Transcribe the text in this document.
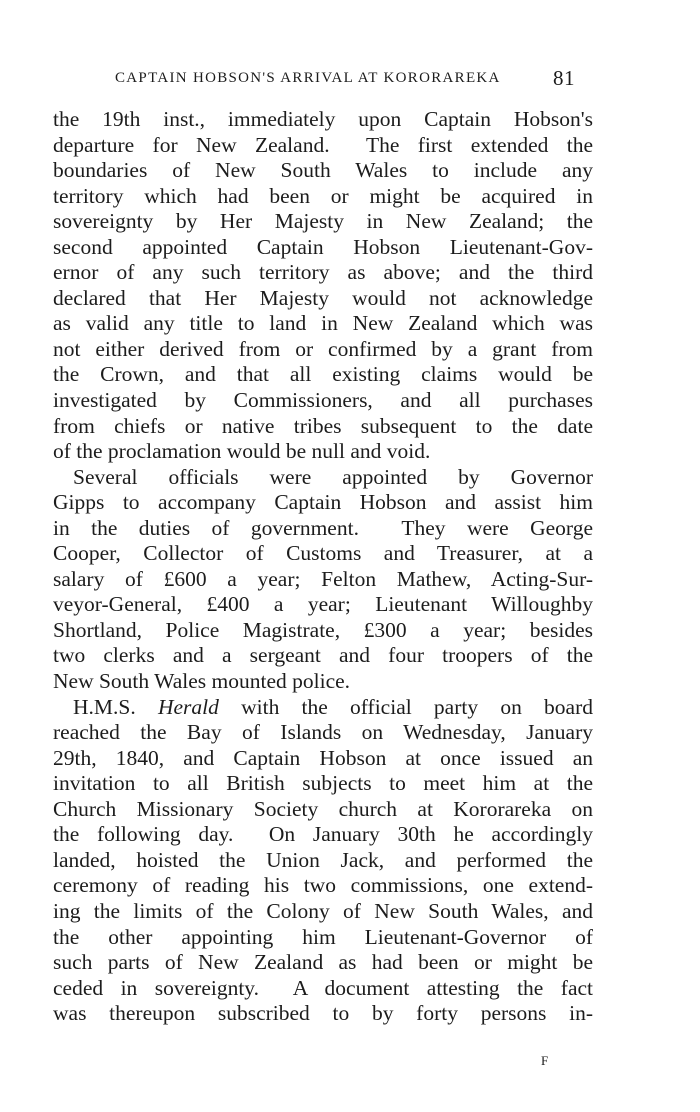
CAPTAIN HOBSON'S ARRIVAL AT KORORAREKA 81
the 19th inst., immediately upon Captain Hobson's
departure for New Zealand.  The first extended the
boundaries of New South Wales to include any
territory which had been or might be acquired in
sovereignty by Her Majesty in New Zealand; the
second appointed Captain Hobson Lieutenant-Gov-
ernor of any such territory as above; and the third
declared that Her Majesty would not acknowledge
as valid any title to land in New Zealand which was
not either derived from or confirmed by a grant from
the Crown, and that all existing claims would be
investigated by Commissioners, and all purchases
from chiefs or native tribes subsequent to the date
of the proclamation would be null and void.
Several officials were appointed by Governor
Gipps to accompany Captain Hobson and assist him
in the duties of government.  They were George
Cooper, Collector of Customs and Treasurer, at a
salary of £600 a year; Felton Mathew, Acting-Sur-
veyor-General, £400 a year; Lieutenant Willoughby
Shortland, Police Magistrate, £300 a year; besides
two clerks and a sergeant and four troopers of the
New South Wales mounted police.
H.M.S. Herald with the official party on board
reached the Bay of Islands on Wednesday, January
29th, 1840, and Captain Hobson at once issued an
invitation to all British subjects to meet him at the
Church Missionary Society church at Kororareka on
the following day.  On January 30th he accordingly
landed, hoisted the Union Jack, and performed the
ceremony of reading his two commissions, one extend-
ing the limits of the Colony of New South Wales, and
the other appointing him Lieutenant-Governor of
such parts of New Zealand as had been or might be
ceded in sovereignty.  A document attesting the fact
was thereupon subscribed to by forty persons in-
F
